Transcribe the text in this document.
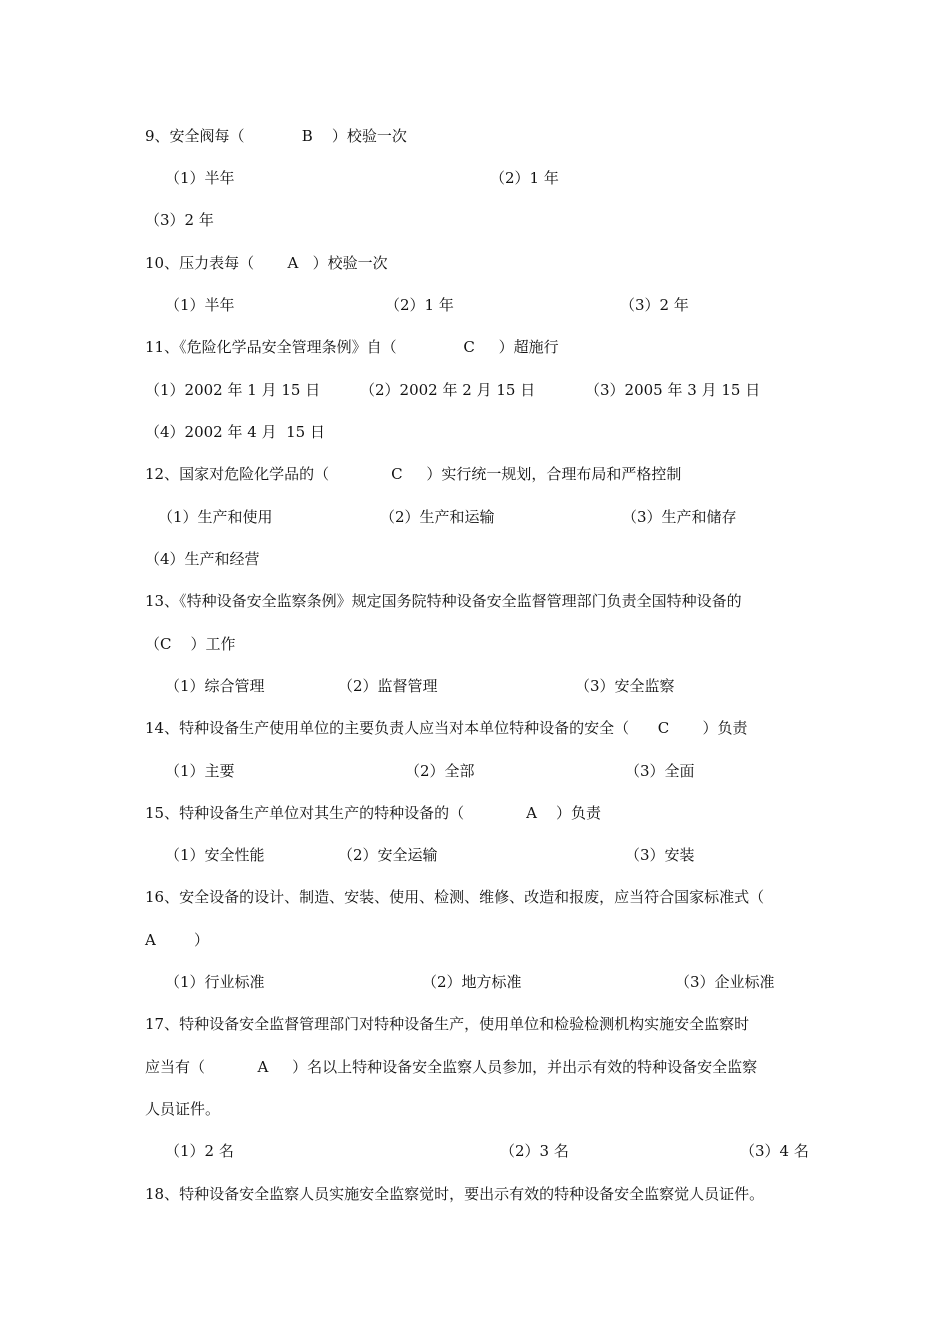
9、安全阀每（            B    ）校验一次
（1）半年	（2）1 年
（3）2 年
10、压力表每（       A   ）校验一次
（1）半年	（2）1 年	（3）2 年
11、《危险化学品安全管理条例》自（              C     ）超施行
（1）2002 年 1 月 15 日	（2）2002 年 2 月 15 日	（3）2005 年 3 月 15 日
（4）2002 年 4 月  15 日
12、国家对危险化学品的（             C     ）实行统一规划，合理布局和严格控制
（1）生产和使用	（2）生产和运输	（3）生产和储存
（4）生产和经营
13、《特种设备安全监察条例》规定国务院特种设备安全监督管理部门负责全国特种设备的
（C    ）工作
（1）综合管理	（2）监督管理	（3）安全监察
14、特种设备生产使用单位的主要负责人应当对本单位特种设备的安全（      C       ）负责
（1）主要	（2）全部	（3）全面
15、特种设备生产单位对其生产的特种设备的（             A    ）负责
（1）安全性能	（2）安全运输	（3）安装
16、安全设备的设计、制造、安装、使用、检测、维修、改造和报废，应当符合国家标准式（
A        ）
（1）行业标准	（2）地方标准	（3）企业标准
17、特种设备安全监督管理部门对特种设备生产，使用单位和检验检测机构实施安全监察时
应当有（           A     ）名以上特种设备安全监察人员参加，并出示有效的特种设备安全监察
人员证件。
（1）2 名	（2）3 名	（3）4 名
18、特种设备安全监察人员实施安全监察觉时，要出示有效的特种设备安全监察觉人员证件。
